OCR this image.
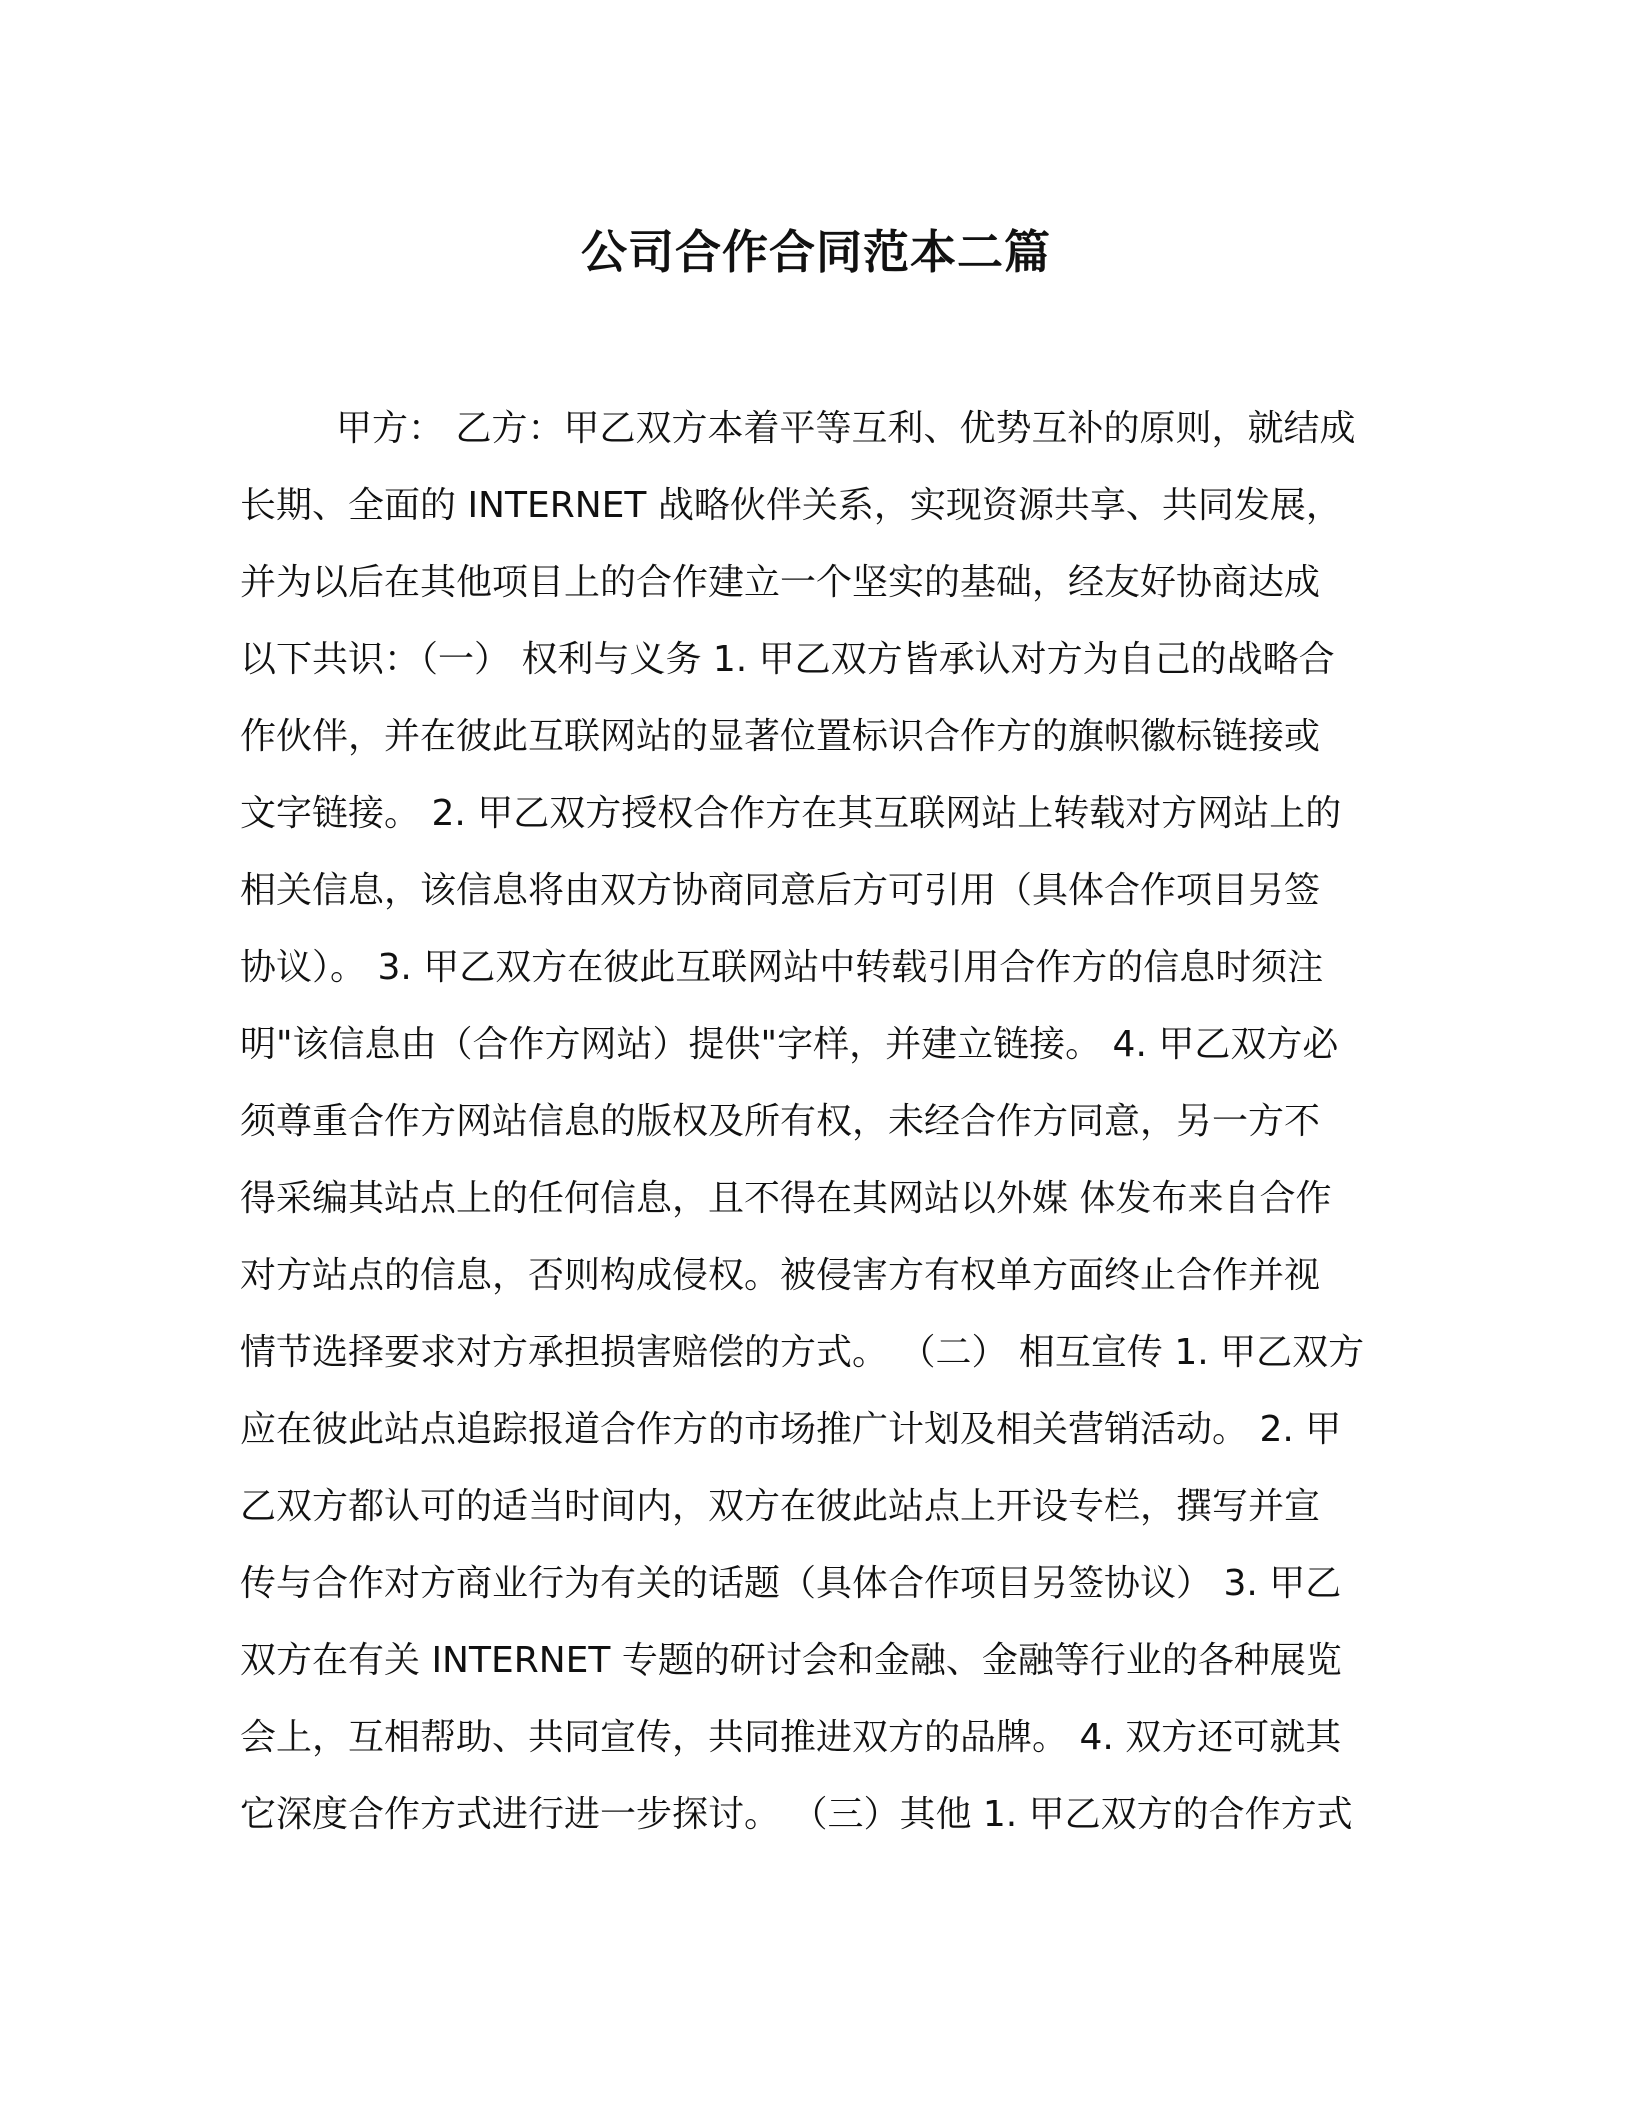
公司合作合同范本二篇
甲方： 乙方：甲乙双方本着平等互利、优势互补的原则，就结成
长期、全面的 INTERNET 战略伙伴关系，实现资源共享、共同发展，
并为以后在其他项目上的合作建立一个坚实的基础，经友好协商达成
以下共识：（一） 权利与义务 1. 甲乙双方皆承认对方为自己的战略合
作伙伴，并在彼此互联网站的显著位置标识合作方的旗帜徽标链接或
文字链接。 2. 甲乙双方授权合作方在其互联网站上转载对方网站上的
相关信息，该信息将由双方协商同意后方可引用（具体合作项目另签
协议）。 3. 甲乙双方在彼此互联网站中转载引用合作方的信息时须注
明"该信息由（合作方网站）提供"字样，并建立链接。 4. 甲乙双方必
须尊重合作方网站信息的版权及所有权，未经合作方同意，另一方不
得采编其站点上的任何信息，且不得在其网站以外媒 体发布来自合作
对方站点的信息，否则构成侵权。被侵害方有权单方面终止合作并视
情节选择要求对方承担损害赔偿的方式。 （二） 相互宣传 1. 甲乙双方
应在彼此站点追踪报道合作方的市场推广计划及相关营销活动。 2. 甲
乙双方都认可的适当时间内，双方在彼此站点上开设专栏，撰写并宣
传与合作对方商业行为有关的话题（具体合作项目另签协议） 3. 甲乙
双方在有关 INTERNET 专题的研讨会和金融、金融等行业的各种展览
会上，互相帮助、共同宣传，共同推进双方的品牌。 4. 双方还可就其
它深度合作方式进行进一步探讨。 （三）其他 1. 甲乙双方的合作方式
